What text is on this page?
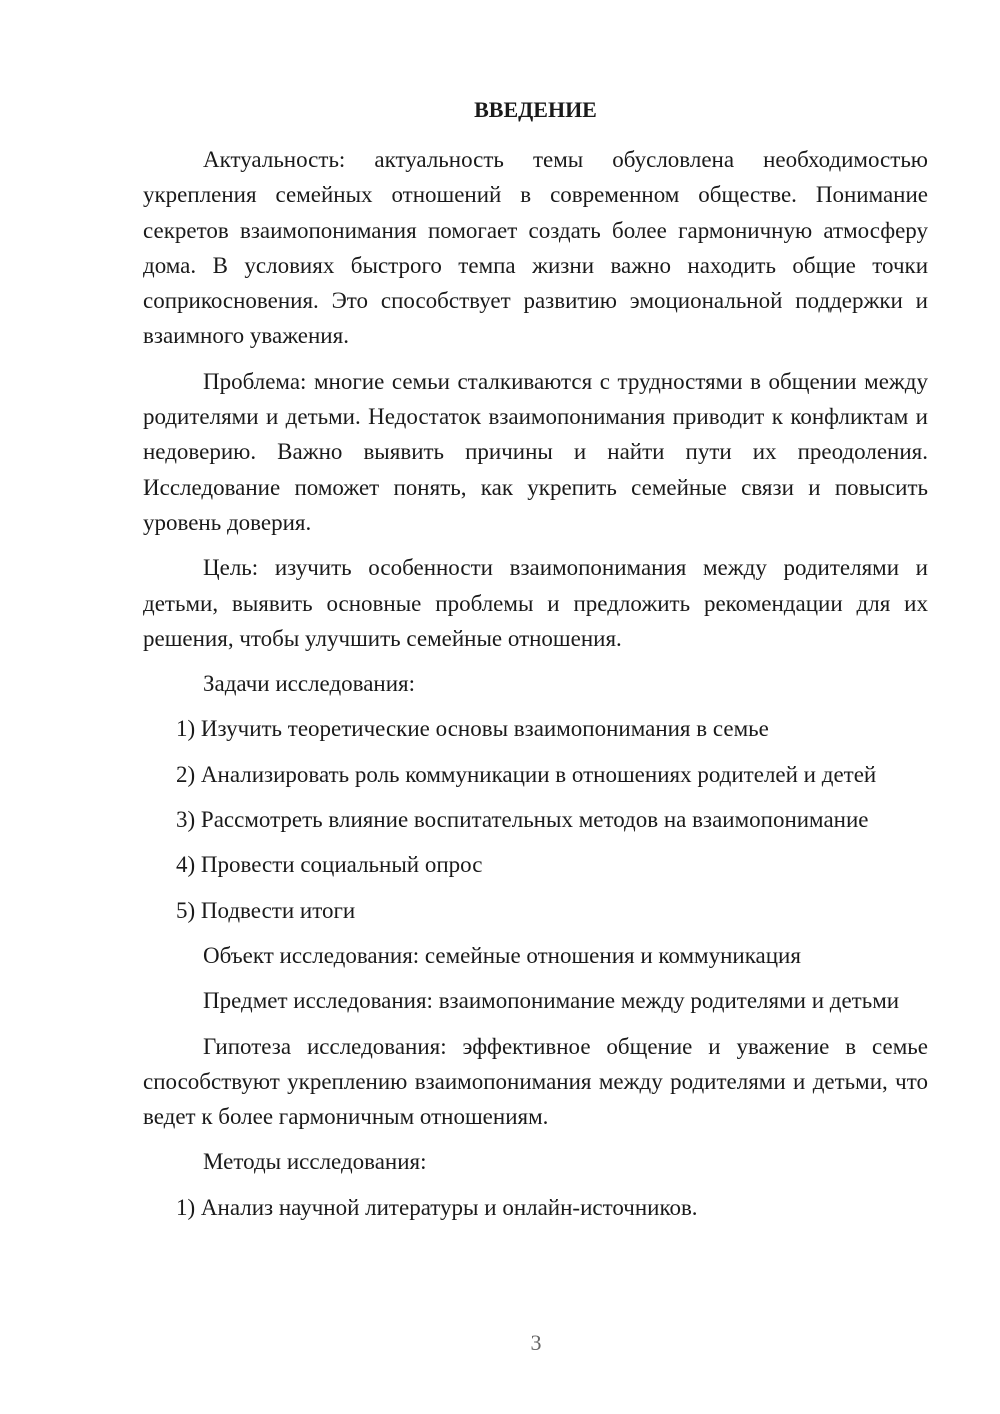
ВВЕДЕНИЕ

Актуальность: актуальность темы обусловлена необходимостью укрепления семейных отношений в современном обществе. Понимание секретов взаимопонимания помогает создать более гармоничную атмосферу дома. В условиях быстрого темпа жизни важно находить общие точки соприкосновения. Это способствует развитию эмоциональной поддержки и взаимного уважения.

Проблема: многие семьи сталкиваются с трудностями в общении между родителями и детьми. Недостаток взаимопонимания приводит к конфликтам и недоверию. Важно выявить причины и найти пути их преодоления. Исследование поможет понять, как укрепить семейные связи и повысить уровень доверия.

Цель: изучить особенности взаимопонимания между родителями и детьми, выявить основные проблемы и предложить рекомендации для их решения, чтобы улучшить семейные отношения.

Задачи исследования:

1) Изучить теоретические основы взаимопонимания в семье

2) Анализировать роль коммуникации в отношениях родителей и детей

3) Рассмотреть влияние воспитательных методов на взаимопонимание

4) Провести социальный опрос

5) Подвести итоги

Объект исследования: семейные отношения и коммуникация

Предмет исследования: взаимопонимание между родителями и детьми

Гипотеза исследования: эффективное общение и уважение в семье способствуют укреплению взаимопонимания между родителями и детьми, что ведет к более гармоничным отношениям.

Методы исследования:

1) Анализ научной литературы и онлайн-источников.

3
